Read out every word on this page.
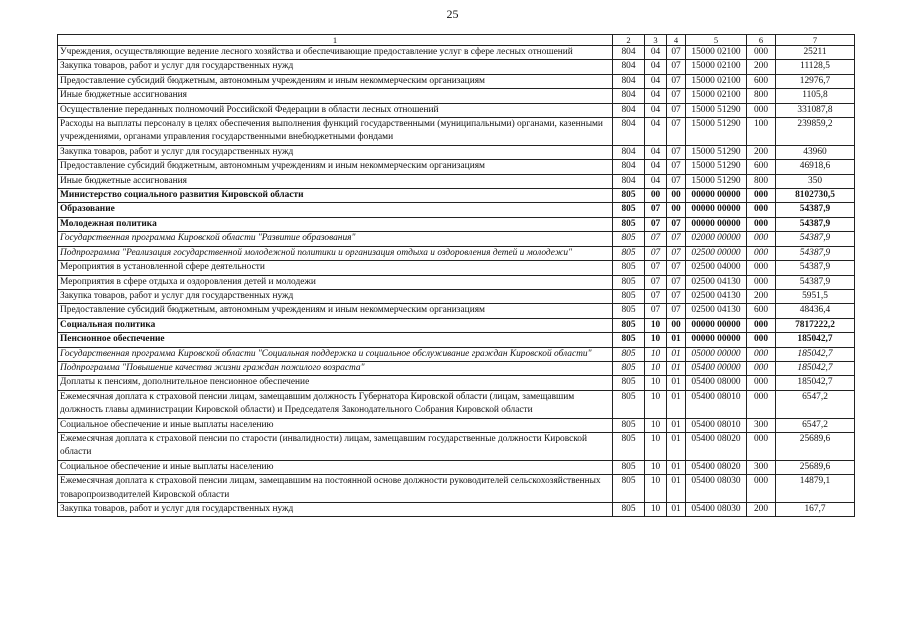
25
1	2	3	4	5	6	7
Учреждения, осуществляющие ведение лесного хозяйства и обеспечивающие предоставление услуг в сфере лесных отношений	804	04	07	15000 02100	000	25211
Закупка товаров, работ и услуг для государственных нужд	804	04	07	15000 02100	200	11128,5
Предоставление субсидий бюджетным, автономным учреждениям и иным некоммерческим организациям	804	04	07	15000 02100	600	12976,7
Иные бюджетные ассигнования	804	04	07	15000 02100	800	1105,8
Осуществление переданных полномочий Российской Федерации в области лесных отношений	804	04	07	15000 51290	000	331087,8
Расходы на выплаты персоналу в целях обеспечения выполнения функций государственными (муниципальными) органами, казенными учреждениями, органами управления государственными внебюджетными фондами	804	04	07	15000 51290	100	239859,2
Закупка товаров, работ и услуг для государственных нужд	804	04	07	15000 51290	200	43960
Предоставление субсидий бюджетным, автономным учреждениям и иным некоммерческим организациям	804	04	07	15000 51290	600	46918,6
Иные бюджетные ассигнования	804	04	07	15000 51290	800	350
Министерство социального развития Кировской области	805	00	00	00000 00000	000	8102730,5
Образование	805	07	00	00000 00000	000	54387,9
Молодежная политика	805	07	07	00000 00000	000	54387,9
Государственная программа Кировской области "Развитие образования"	805	07	07	02000 00000	000	54387,9
Подпрограмма "Реализация государственной молодежной политики и организация отдыха и оздоровления детей и молодежи"	805	07	07	02500 00000	000	54387,9
Мероприятия в установленной сфере деятельности	805	07	07	02500 04000	000	54387,9
Мероприятия в сфере отдыха и оздоровления детей и молодежи	805	07	07	02500 04130	000	54387,9
Закупка товаров, работ и услуг для государственных нужд	805	07	07	02500 04130	200	5951,5
Предоставление субсидий бюджетным, автономным учреждениям и иным некоммерческим организациям	805	07	07	02500 04130	600	48436,4
Социальная политика	805	10	00	00000 00000	000	7817222,2
Пенсионное обеспечение	805	10	01	00000 00000	000	185042,7
Государственная программа Кировской области "Социальная поддержка и социальное обслуживание граждан Кировской области"	805	10	01	05000 00000	000	185042,7
Подпрограмма "Повышение качества жизни граждан пожилого возраста"	805	10	01	05400 00000	000	185042,7
Доплаты к пенсиям, дополнительное пенсионное обеспечение	805	10	01	05400 08000	000	185042,7
Ежемесячная доплата к страховой пенсии лицам, замещавшим должность Губернатора Кировской области (лицам, замещавшим должность главы администрации Кировской области) и Председателя Законодательного Собрания Кировской области	805	10	01	05400 08010	000	6547,2
Социальное обеспечение и иные выплаты населению	805	10	01	05400 08010	300	6547,2
Ежемесячная доплата к страховой пенсии по старости (инвалидности) лицам, замещавшим государственные должности Кировской области	805	10	01	05400 08020	000	25689,6
Социальное обеспечение и иные выплаты населению	805	10	01	05400 08020	300	25689,6
Ежемесячная доплата к страховой пенсии лицам, замещавшим на постоянной основе должности руководителей сельскохозяйственных товаропроизводителей Кировской области	805	10	01	05400 08030	000	14879,1
Закупка товаров, работ и услуг для государственных нужд	805	10	01	05400 08030	200	167,7
